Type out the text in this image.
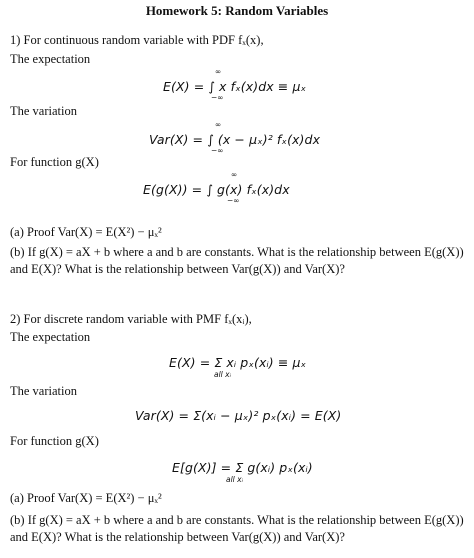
Homework 5: Random Variables
1) For continuous random variable with PDF fₓ(x),
The expectation
∞
E(X) = ∫ x fₓ(x)dx ≡ μₓ
−∞
The variation
∞
Var(X) = ∫ (x − μₓ)² fₓ(x)dx
−∞
For function g(X)
∞
E(g(X)) = ∫ g(x) fₓ(x)dx
−∞
(a) Proof Var(X) = E(X²) − μₓ²
(b) If g(X) = aX + b where a and b are constants. What is the relationship between E(g(X))
and E(X)? What is the relationship between Var(g(X)) and Var(X)?
2) For discrete random variable with PMF fₓ(xᵢ),
The expectation
E(X) = Σ xᵢ pₓ(xᵢ) ≡ μₓ
all xᵢ
The variation
Var(X) = Σ(xᵢ − μₓ)² pₓ(xᵢ) = E(X)
For function g(X)
E[g(X)] = Σ g(xᵢ) pₓ(xᵢ)
all xᵢ
(a) Proof Var(X) = E(X²) − μₓ²
(b) If g(X) = aX + b where a and b are constants. What is the relationship between E(g(X))
and E(X)? What is the relationship between Var(g(X)) and Var(X)?
